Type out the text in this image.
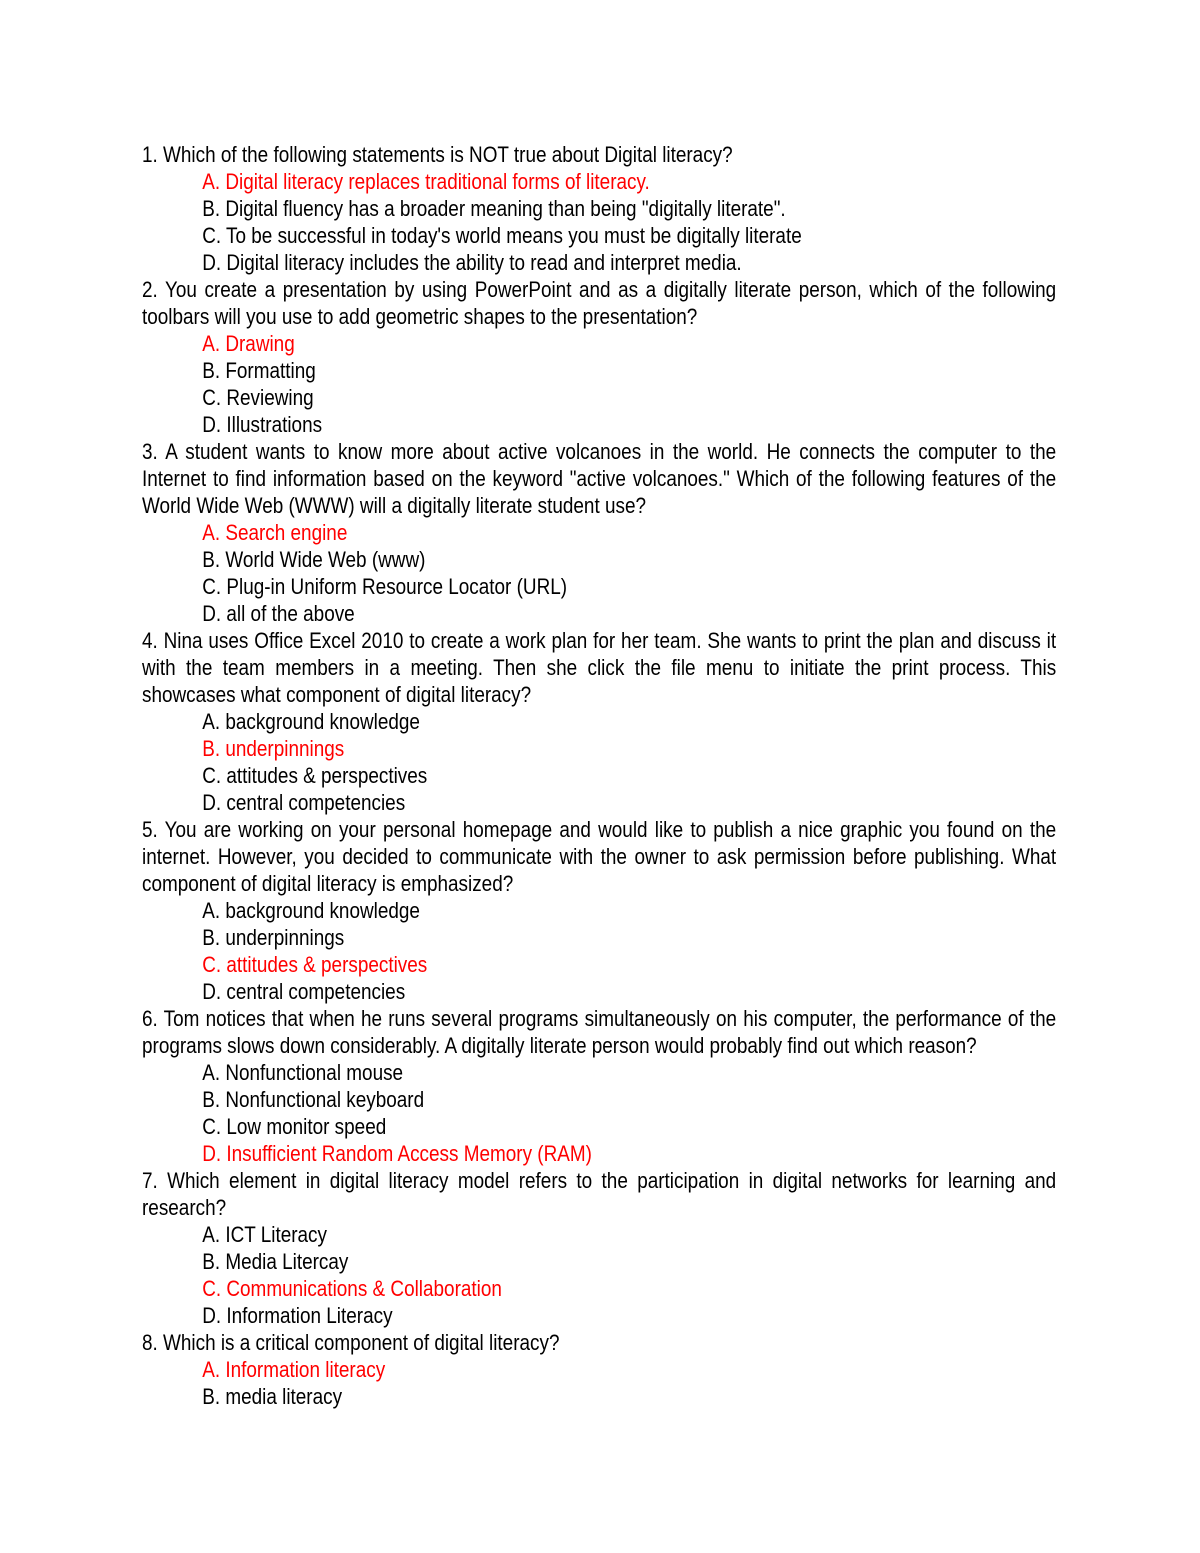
1. Which of the following statements is NOT true about Digital literacy?

A. Digital literacy replaces traditional forms of literacy.

B. Digital fluency has a broader meaning than being "digitally literate".

C. To be successful in today's world means you must be digitally literate

D. Digital literacy includes the ability to read and interpret media.

2. You create a presentation by using PowerPoint and as a digitally literate person, which of the following toolbars will you use to add geometric shapes to the presentation?

A. Drawing

B. Formatting

C. Reviewing

D. Illustrations

3. A student wants to know more about active volcanoes in the world. He connects the computer to the Internet to find information based on the keyword "active volcanoes." Which of the following features of the World Wide Web (WWW) will a digitally literate student use?

A. Search engine

B. World Wide Web (www)

C. Plug-in Uniform Resource Locator (URL)

D. all of the above

4. Nina uses Office Excel 2010 to create a work plan for her team. She wants to print the plan and discuss it with the team members in a meeting. Then she click the file menu to initiate the print process. This showcases what component of digital literacy?

A. background knowledge

B. underpinnings

C. attitudes & perspectives

D. central competencies

5. You are working on your personal homepage and would like to publish a nice graphic you found on the internet. However, you decided to communicate with the owner to ask permission before publishing. What component of digital literacy is emphasized?

A. background knowledge

B. underpinnings

C. attitudes & perspectives

D. central competencies

6. Tom notices that when he runs several programs simultaneously on his computer, the performance of the programs slows down considerably. A digitally literate person would probably find out which reason?

A. Nonfunctional mouse

B. Nonfunctional keyboard

C. Low monitor speed

D. Insufficient Random Access Memory (RAM)

7. Which element in digital literacy model refers to the participation in digital networks for learning and research?

A. ICT Literacy

B. Media Litercay

C. Communications & Collaboration

D. Information Literacy

8. Which is a critical component of digital literacy?

A. Information literacy

B. media literacy
